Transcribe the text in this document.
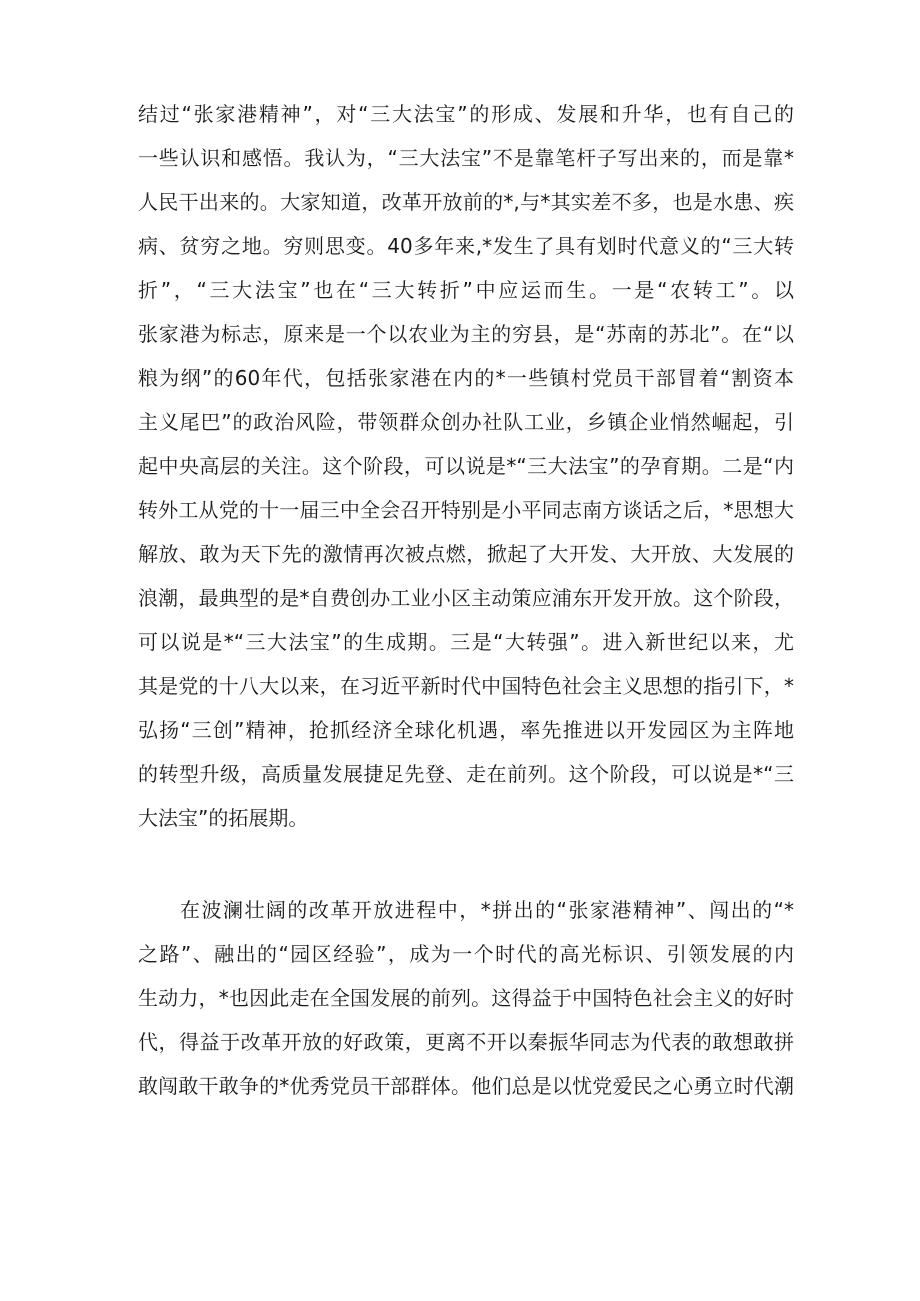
结过“张家港精神”，对“三大法宝”的形成、发展和升华，也有自己的
一些认识和感悟。我认为，“三大法宝”不是靠笔杆子写出来的，而是靠*
人民干出来的。大家知道，改革开放前的*,与*其实差不多，也是水患、疾
病、贫穷之地。穷则思变。40多年来,*发生了具有划时代意义的“三大转
折”，“三大法宝”也在“三大转折”中应运而生。一是“农转工”。以
张家港为标志，原来是一个以农业为主的穷县，是“苏南的苏北”。在“以
粮为纲”的60年代，包括张家港在内的*一些镇村党员干部冒着“割资本
主义尾巴”的政治风险，带领群众创办社队工业，乡镇企业悄然崛起，引
起中央高层的关注。这个阶段，可以说是*“三大法宝”的孕育期。二是“内
转外工从党的十一届三中全会召开特别是小平同志南方谈话之后，*思想大
解放、敢为天下先的激情再次被点燃，掀起了大开发、大开放、大发展的
浪潮，最典型的是*自费创办工业小区主动策应浦东开发开放。这个阶段，
可以说是*“三大法宝”的生成期。三是“大转强”。进入新世纪以来，尤
其是党的十八大以来，在习近平新时代中国特色社会主义思想的指引下，*
弘扬“三创”精神，抢抓经济全球化机遇，率先推进以开发园区为主阵地
的转型升级，高质量发展捷足先登、走在前列。这个阶段，可以说是*“三
大法宝”的拓展期。
在波澜壮阔的改革开放进程中，*拼出的“张家港精神”、闯出的“*
之路”、融出的“园区经验”，成为一个时代的高光标识、引领发展的内
生动力，*也因此走在全国发展的前列。这得益于中国特色社会主义的好时
代，得益于改革开放的好政策，更离不开以秦振华同志为代表的敢想敢拼
敢闯敢干敢争的*优秀党员干部群体。他们总是以忧党爱民之心勇立时代潮
